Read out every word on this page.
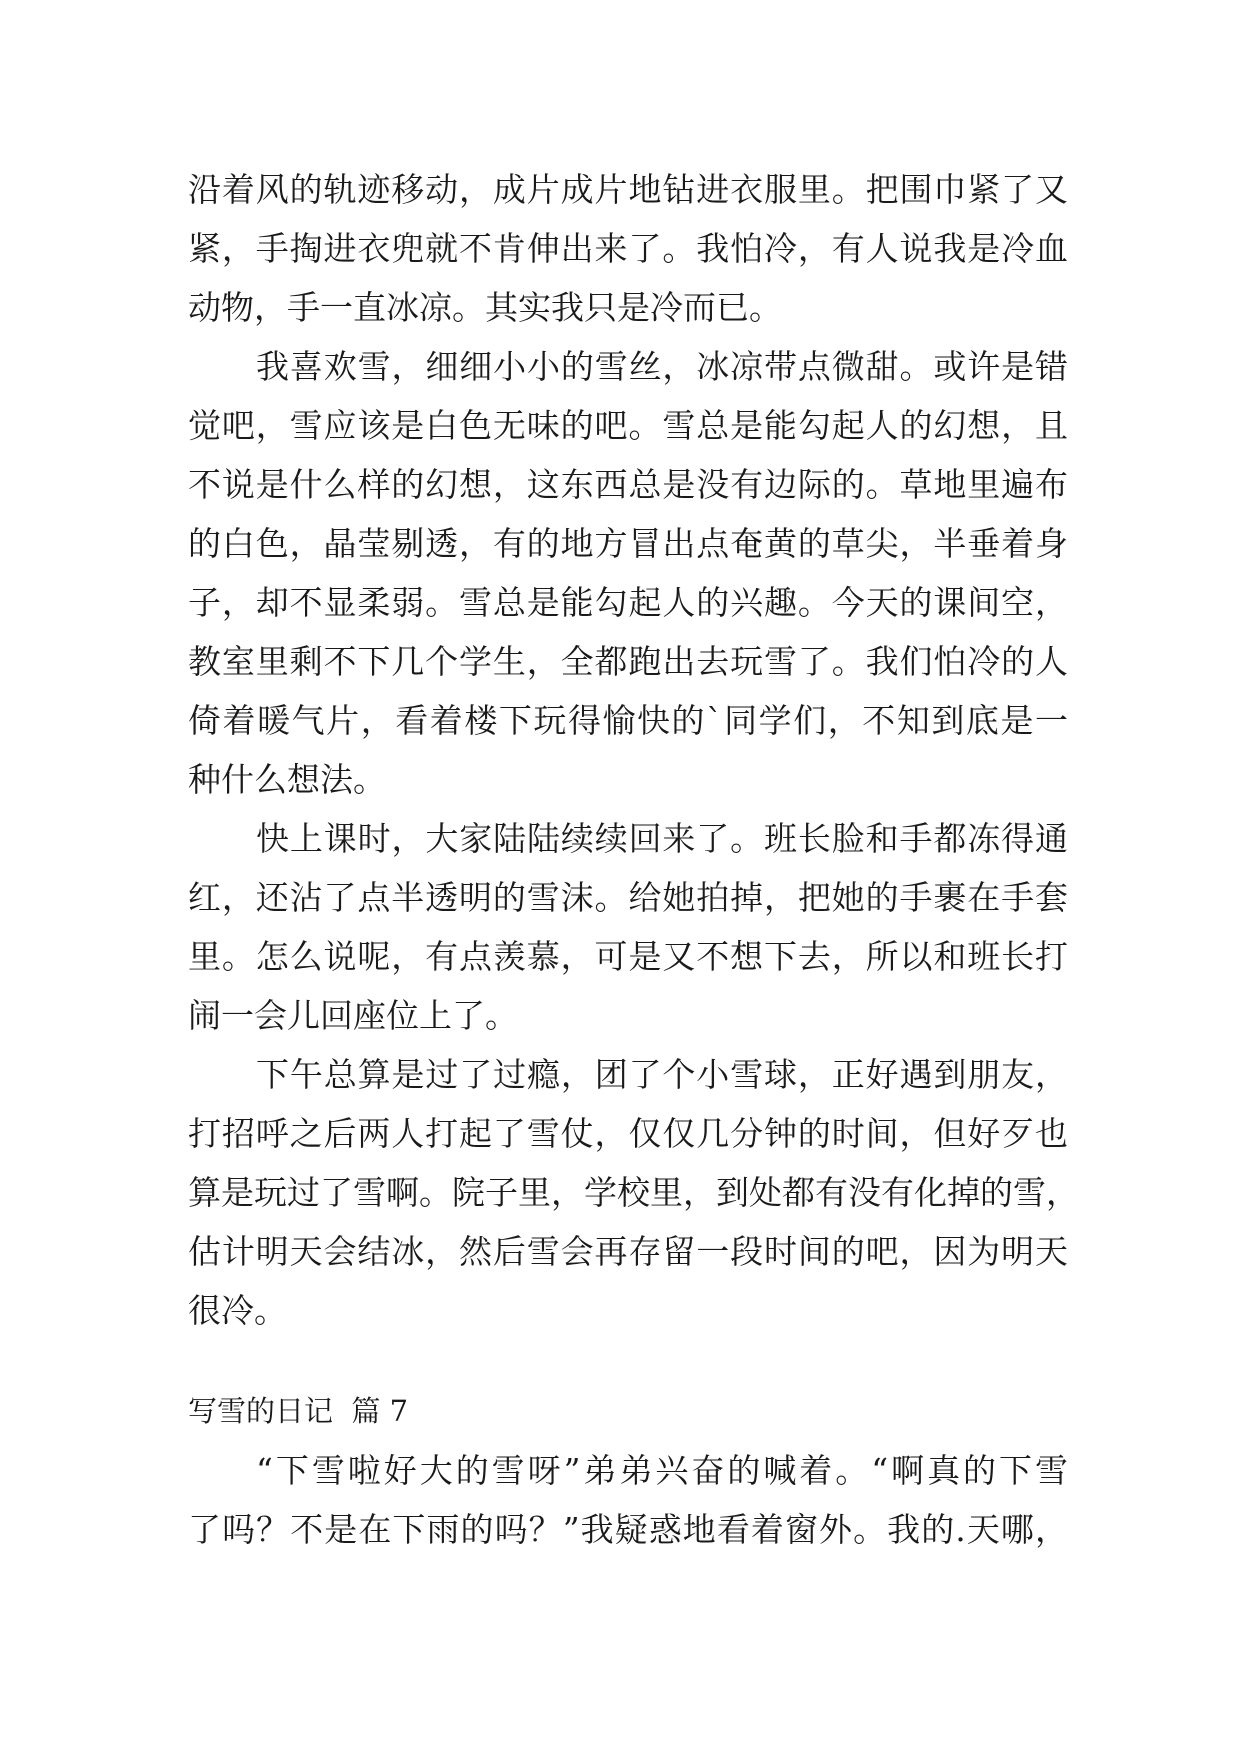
沿着风的轨迹移动，成片成片地钻进衣服里。把围巾紧了又
紧，手掏进衣兜就不肯伸出来了。我怕冷，有人说我是冷血
动物，手一直冰凉。其实我只是冷而已。
我喜欢雪，细细小小的雪丝，冰凉带点微甜。或许是错
觉吧，雪应该是白色无味的吧。雪总是能勾起人的幻想，且
不说是什么样的幻想，这东西总是没有边际的。草地里遍布
的白色，晶莹剔透，有的地方冒出点奄黄的草尖，半垂着身
子，却不显柔弱。雪总是能勾起人的兴趣。今天的课间空，
教室里剩不下几个学生，全都跑出去玩雪了。我们怕冷的人
倚着暖气片，看着楼下玩得愉快的`同学们，不知到底是一
种什么想法。
快上课时，大家陆陆续续回来了。班长脸和手都冻得通
红，还沾了点半透明的雪沫。给她拍掉，把她的手裹在手套
里。怎么说呢，有点羡慕，可是又不想下去，所以和班长打
闹一会儿回座位上了。
下午总算是过了过瘾，团了个小雪球，正好遇到朋友，
打招呼之后两人打起了雪仗，仅仅几分钟的时间，但好歹也
算是玩过了雪啊。院子里，学校里，到处都有没有化掉的雪，
估计明天会结冰，然后雪会再存留一段时间的吧，因为明天
很冷。
写雪的日记  篇 7
“下雪啦好大的雪呀”弟弟兴奋的喊着。“啊真的下雪
了吗？不是在下雨的吗？”我疑惑地看着窗外。我的.天哪，
